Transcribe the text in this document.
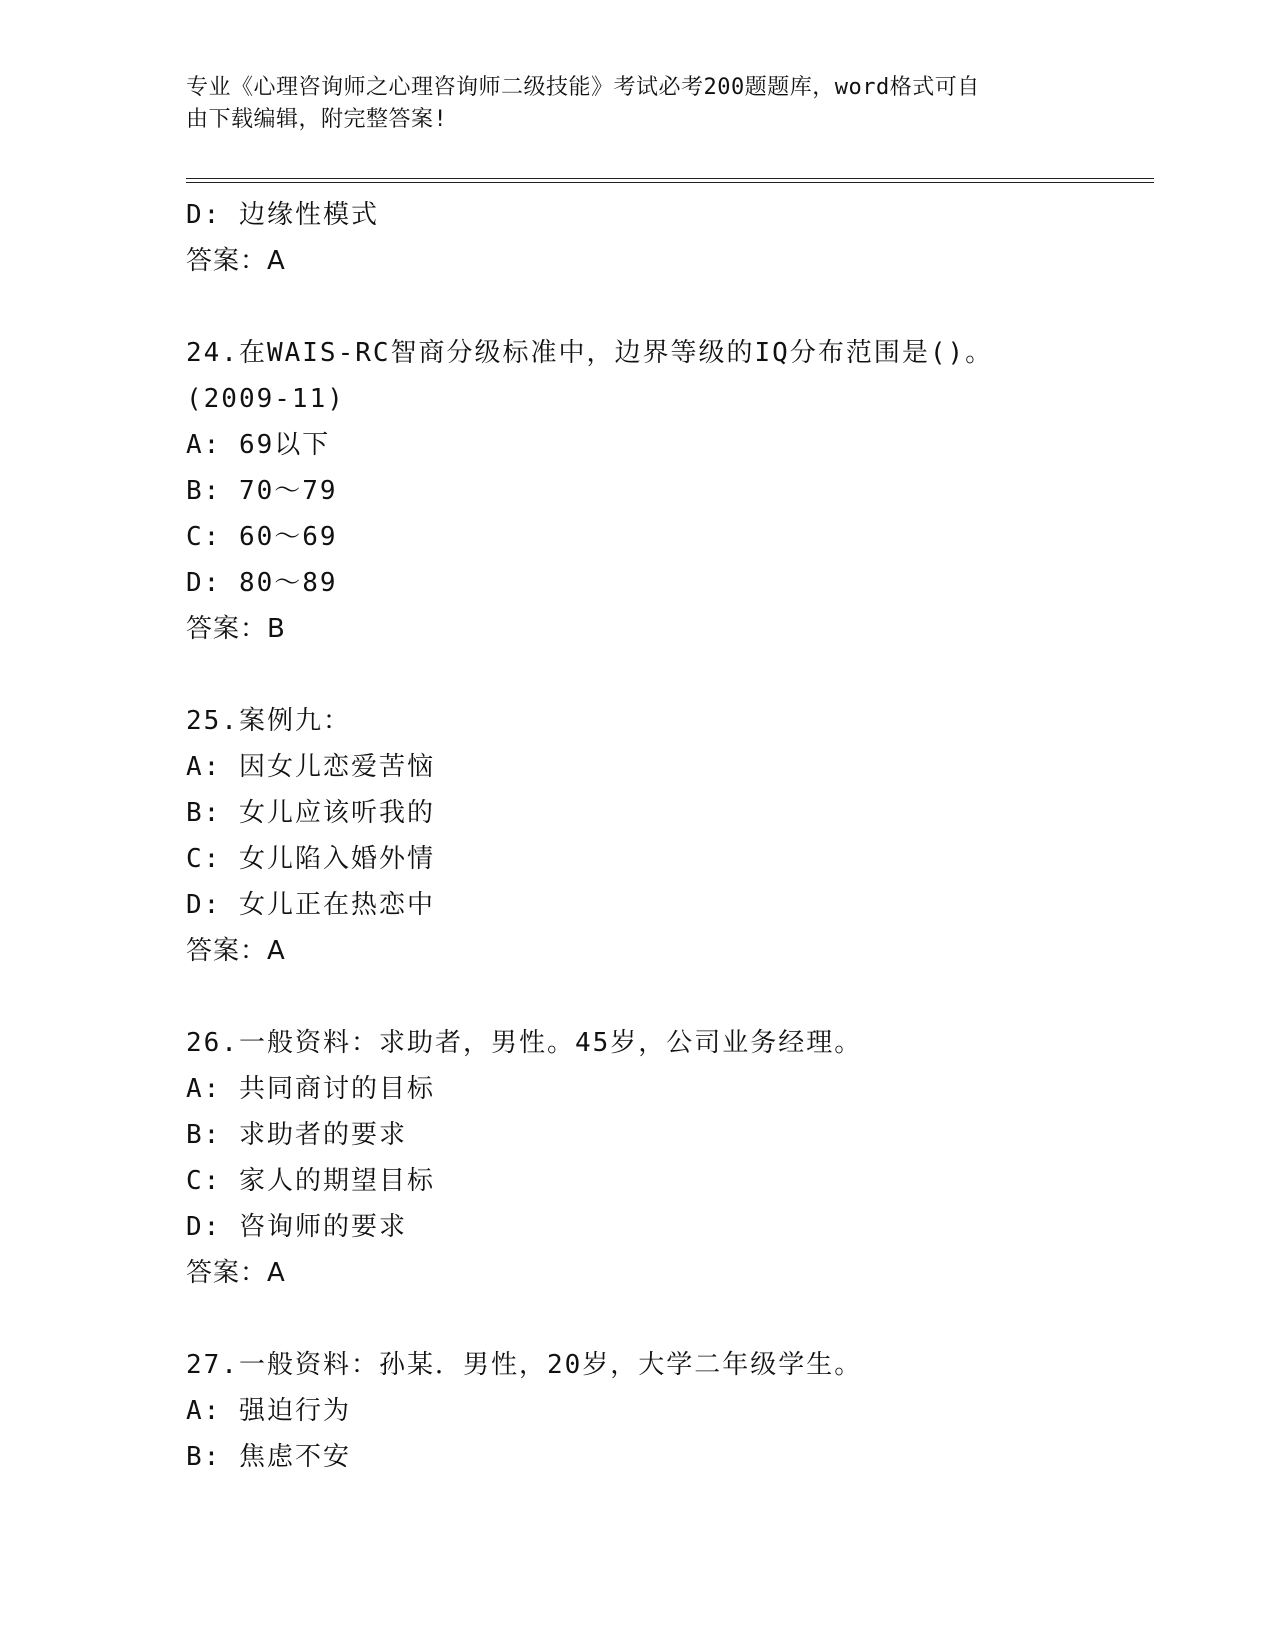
专业《心理咨询师之心理咨询师二级技能》考试必考200题题库，word格式可自
由下载编辑，附完整答案!
D: 边缘性模式
答案：A
24.在WAIS-RC智商分级标准中，边界等级的IQ分布范围是()。
(2009-11)
A: 69以下
B: 70～79
C: 60～69
D: 80～89
答案：B
25.案例九：
A: 因女儿恋爱苦恼
B: 女儿应该听我的
C: 女儿陷入婚外情
D: 女儿正在热恋中
答案：A
26.一般资料：求助者，男性。45岁，公司业务经理。
A: 共同商讨的目标
B: 求助者的要求
C: 家人的期望目标
D: 咨询师的要求
答案：A
27.一般资料：孙某．男性，20岁，大学二年级学生。
A: 强迫行为
B: 焦虑不安
